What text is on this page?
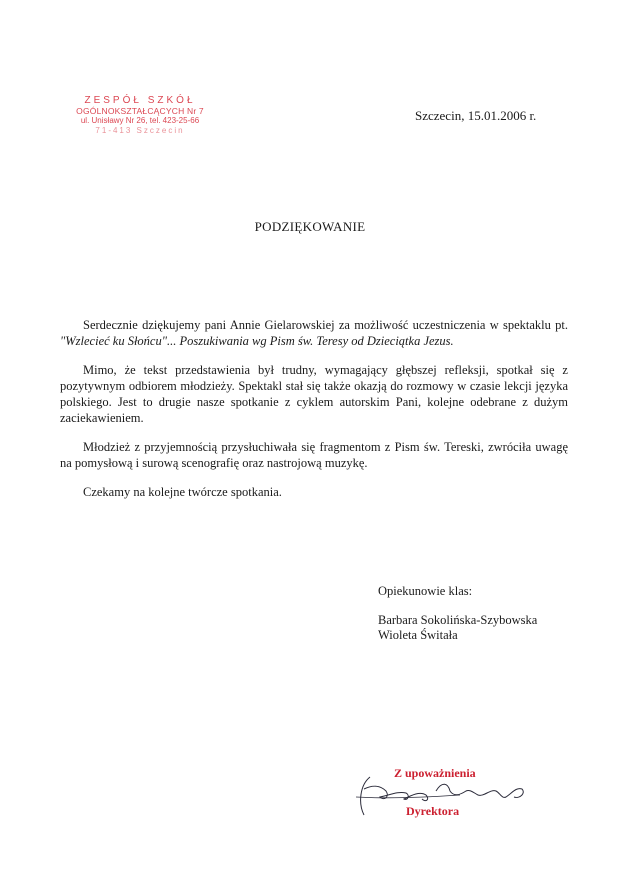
ZESPÓŁ SZKÓŁ
OGÓLNOKSZTAŁCĄCYCH Nr 7
ul. Unisławy Nr 26, tel. 423-25-66
71-413 Szczecin
Szczecin, 15.01.2006 r.
PODZIĘKOWANIE

Serdecznie dziękujemy pani Annie Gielarowskiej za możliwość uczestniczenia w spektaklu pt. "Wzlecieć ku Słońcu"... Poszukiwania wg Pism św. Teresy od Dzieciątka Jezus.

Mimo, że tekst przedstawienia był trudny, wymagający głębszej refleksji, spotkał się z pozytywnym odbiorem młodzieży. Spektakl stał się także okazją do rozmowy w czasie lekcji języka polskiego. Jest to drugie nasze spotkanie z cyklem autorskim Pani, kolejne odebrane z dużym zaciekawieniem.

Młodzież z przyjemnością przysłuchiwała się fragmentom z Pism św. Tereski, zwróciła uwagę na pomysłową i surową scenografię oraz nastrojową muzykę.

Czekamy na kolejne twórcze spotkania.

Opiekunowie klas:
Barbara Sokolińska-Szybowska
Wioleta Świtała
Z upoważnienia
Dyrektora
